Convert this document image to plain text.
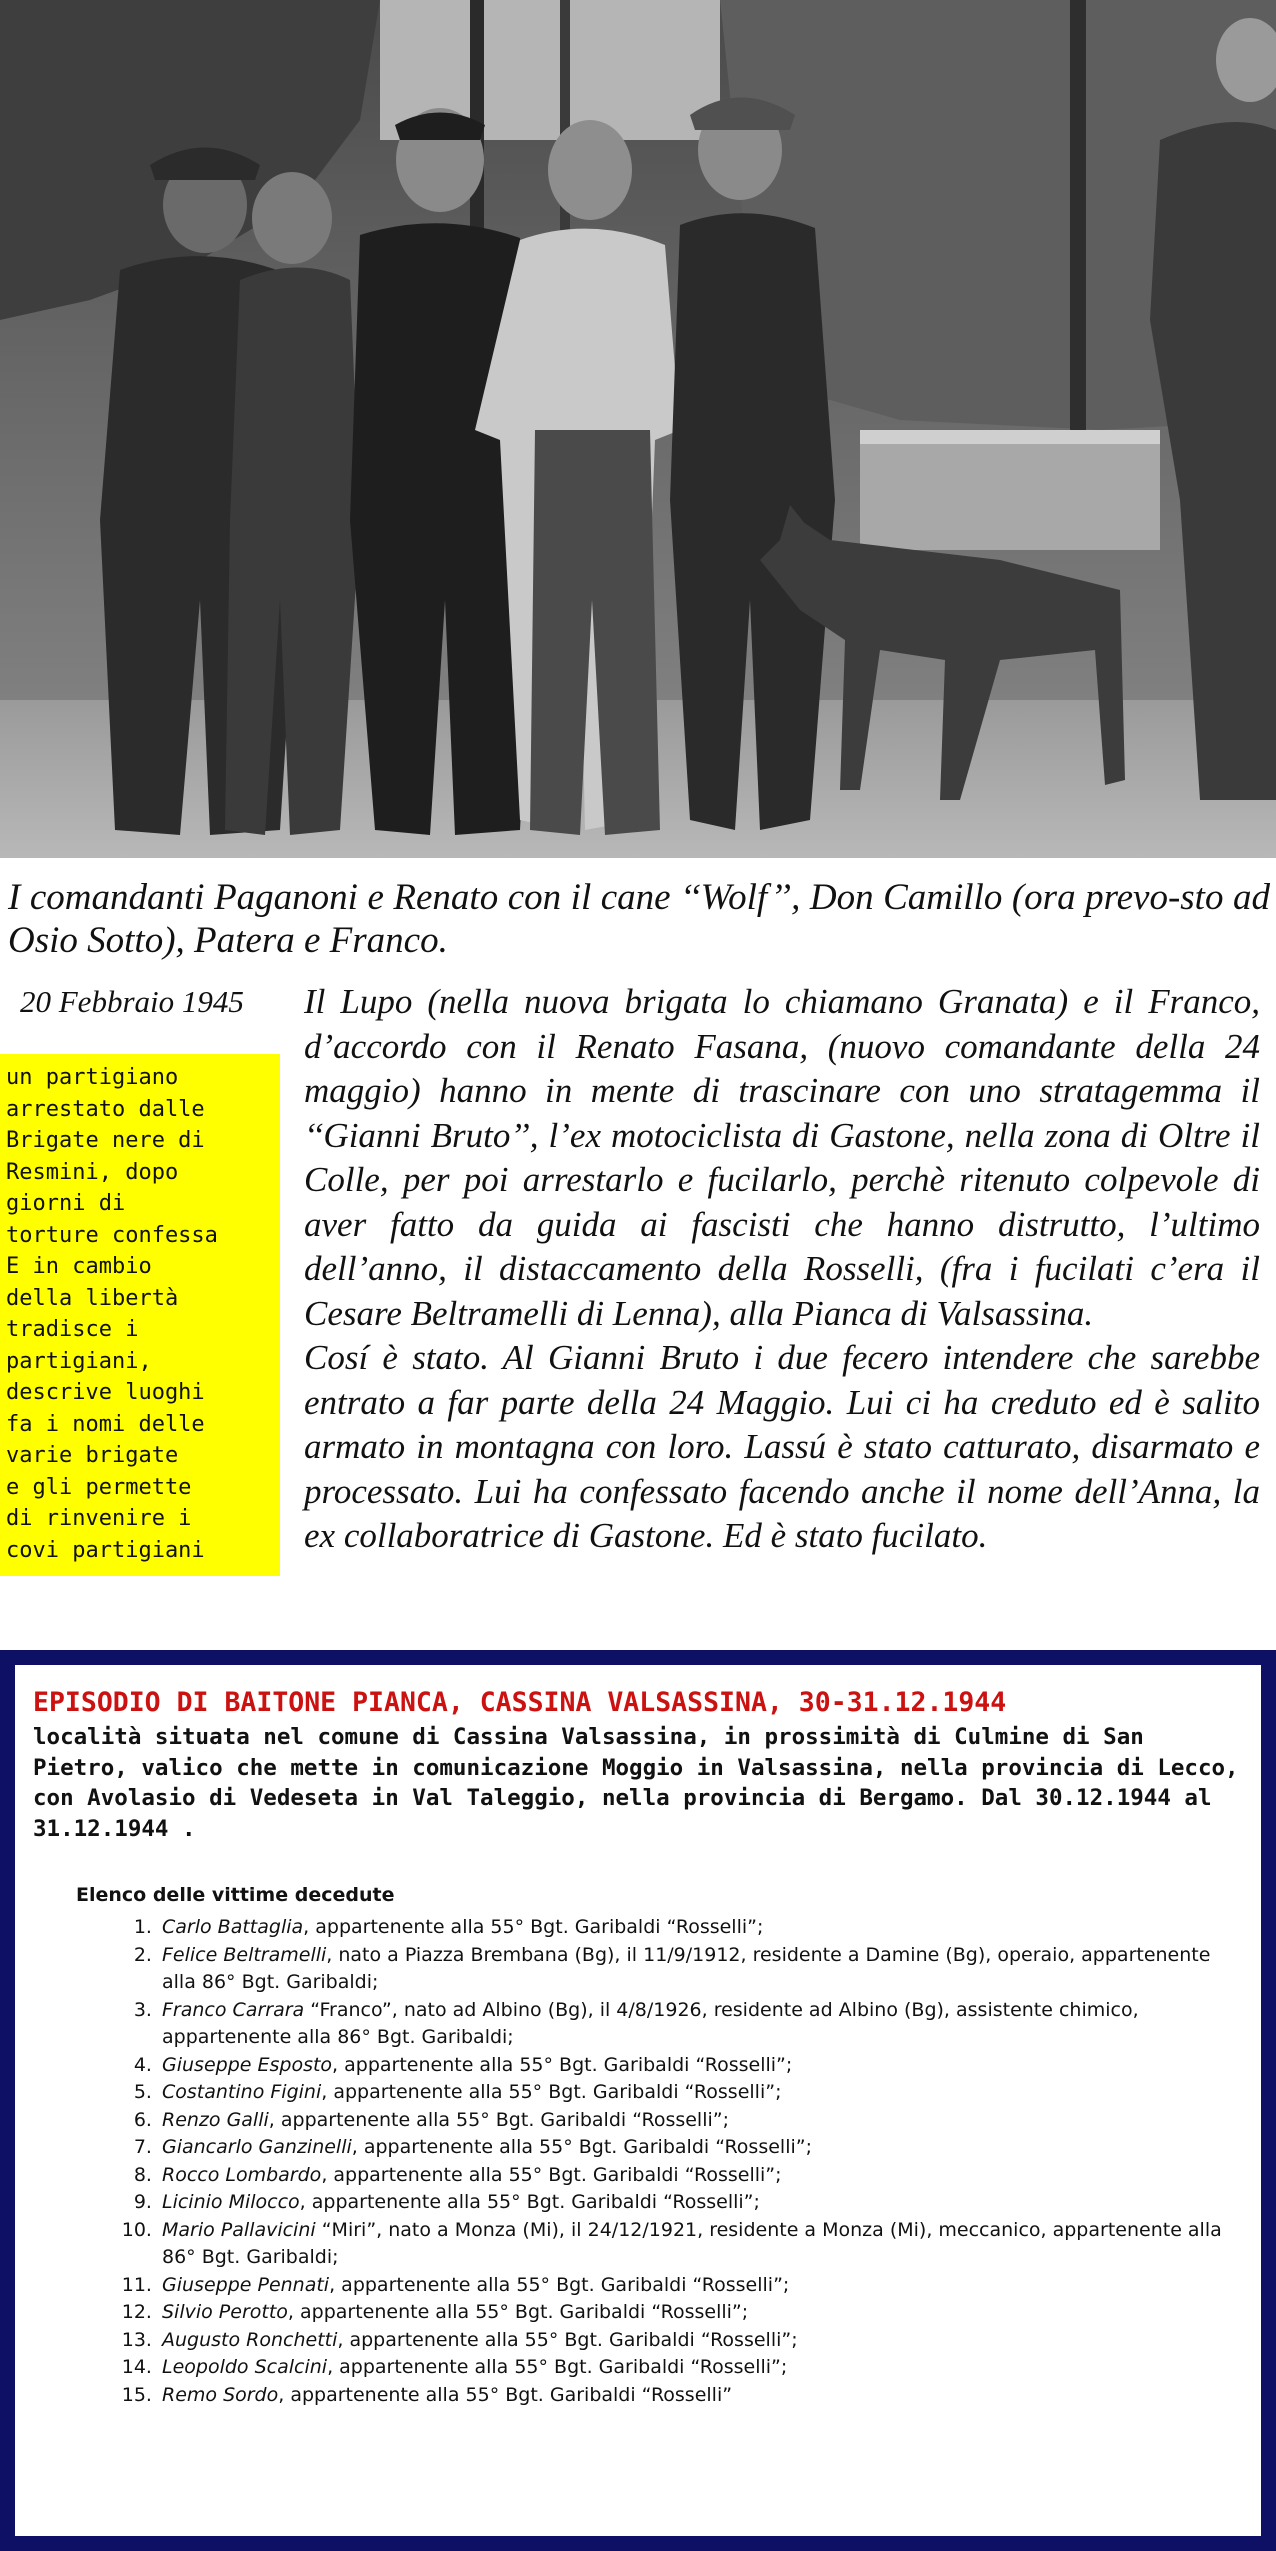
I comandanti Paganoni e Renato con il cane ‘‘Wolf’’, Don Camillo (ora prevo-sto ad Osio Sotto), Patera e Franco.
20 Febbraio 1945
un partigiano
arrestato dalle
Brigate nere di
Resmini, dopo
giorni di
torture confessa
E in cambio
della libertà
tradisce i
partigiani,
descrive luoghi
fa i nomi delle
varie brigate
e gli permette
di rinvenire i
covi partigiani

Il Lupo (nella nuova brigata lo chiamano Granata) e il Franco, d’accordo con il Renato Fasana, (nuovo comandante della 24 maggio) hanno in mente di trascinare con uno stratagemma il ‘‘Gianni Bruto’’, l’ex motociclista di Gastone, nella zona di Oltre il Colle, per poi arrestarlo e fucilarlo, perchè ritenuto colpevole di aver fatto da guida ai fascisti che hanno distrutto, l’ultimo dell’anno, il distaccamento della Rosselli, (fra i fucilati c’era il Cesare Beltramelli di Lenna), alla Pianca di Valsassina.

Cosí è stato. Al Gianni Bruto i due fecero intendere che sarebbe entrato a far parte della 24 Maggio. Lui ci ha creduto ed è salito armato in montagna con loro. Lassú è stato catturato, disarmato e processato. Lui ha confessato facendo anche il nome dell’Anna, la ex collaboratrice di Gastone. Ed è stato fucilato.

EPISODIO DI BAITONE PIANCA, CASSINA VALSASSINA, 30-31.12.1944

località situata nel comune di Cassina Valsassina, in prossimità di Culmine di San Pietro, valico che mette in comunicazione Moggio in Valsassina, nella provincia di Lecco, con Avolasio di Vedeseta in Val Taleggio, nella provincia di Bergamo. Dal 30.12.1944 al 31.12.1944 .

Elenco delle vittime decedute
1. Carlo Battaglia, appartenente alla 55° Bgt. Garibaldi “Rosselli”;
2. Felice Beltramelli, nato a Piazza Brembana (Bg), il 11/9/1912, residente a Damine (Bg), operaio, appartenente alla 86° Bgt. Garibaldi;
3. Franco Carrara “Franco”, nato ad Albino (Bg), il 4/8/1926, residente ad Albino (Bg), assistente chimico, appartenente alla 86° Bgt. Garibaldi;
4. Giuseppe Esposto, appartenente alla 55° Bgt. Garibaldi “Rosselli”;
5. Costantino Figini, appartenente alla 55° Bgt. Garibaldi “Rosselli”;
6. Renzo Galli, appartenente alla 55° Bgt. Garibaldi “Rosselli”;
7. Giancarlo Ganzinelli, appartenente alla 55° Bgt. Garibaldi “Rosselli”;
8. Rocco Lombardo, appartenente alla 55° Bgt. Garibaldi “Rosselli”;
9. Licinio Milocco, appartenente alla 55° Bgt. Garibaldi “Rosselli”;
10. Mario Pallavicini “Miri”, nato a Monza (Mi), il 24/12/1921, residente a Monza (Mi), meccanico, appartenente alla 86° Bgt. Garibaldi;
11. Giuseppe Pennati, appartenente alla 55° Bgt. Garibaldi “Rosselli”;
12. Silvio Perotto, appartenente alla 55° Bgt. Garibaldi “Rosselli”;
13. Augusto Ronchetti, appartenente alla 55° Bgt. Garibaldi “Rosselli”;
14. Leopoldo Scalcini, appartenente alla 55° Bgt. Garibaldi “Rosselli”;
15. Remo Sordo, appartenente alla 55° Bgt. Garibaldi “Rosselli”
